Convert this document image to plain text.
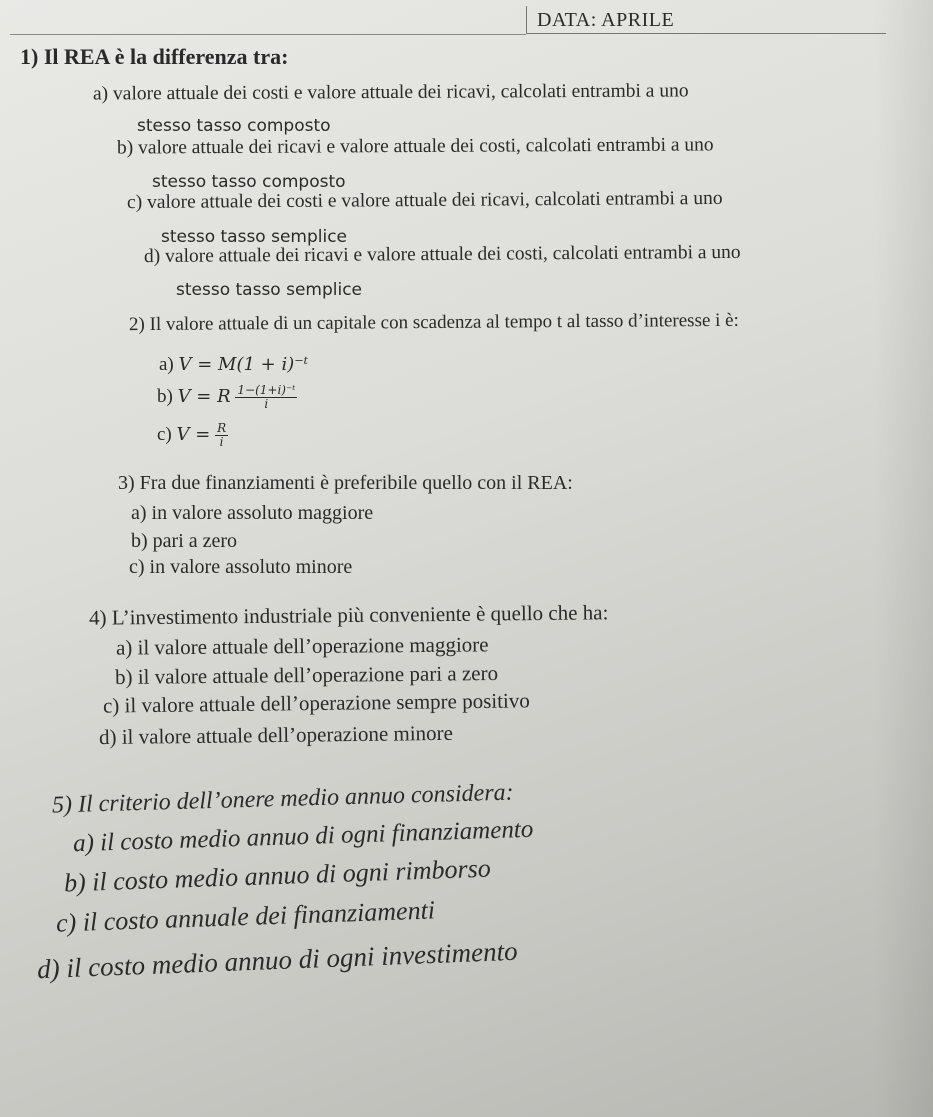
DATA: APRILE
1) Il REA è la differenza tra:
a) valore attuale dei costi e valore attuale dei ricavi, calcolati entrambi a uno
stesso tasso composto
b) valore attuale dei ricavi e valore attuale dei costi, calcolati entrambi a uno
stesso tasso composto
c) valore attuale dei costi e valore attuale dei ricavi, calcolati entrambi a uno
stesso tasso semplice
d) valore attuale dei ricavi e valore attuale dei costi, calcolati entrambi a uno
stesso tasso semplice
2) Il valore attuale di un capitale con scadenza al tempo t al tasso d’interesse i è:
a) V = M(1 + i)⁻ᵗ
b) V = R $\frac{\text{1−(1+i)⁻ᵗ}}{i}$
c) $V = \frac{R}{i}$
3) Fra due finanziamenti è preferibile quello con il REA:
a) in valore assoluto maggiore
b) pari a zero
c) in valore assoluto minore
4) L’investimento industriale più conveniente è quello che ha:
a) il valore attuale dell’operazione maggiore
b) il valore attuale dell’operazione pari a zero
c) il valore attuale dell’operazione sempre positivo
d) il valore attuale dell’operazione minore
5) Il criterio dell’onere medio annuo considera:
a) il costo medio annuo di ogni finanziamento
b) il costo medio annuo di ogni rimborso
c) il costo annuale dei finanziamenti
d) il costo medio annuo di ogni investimento
